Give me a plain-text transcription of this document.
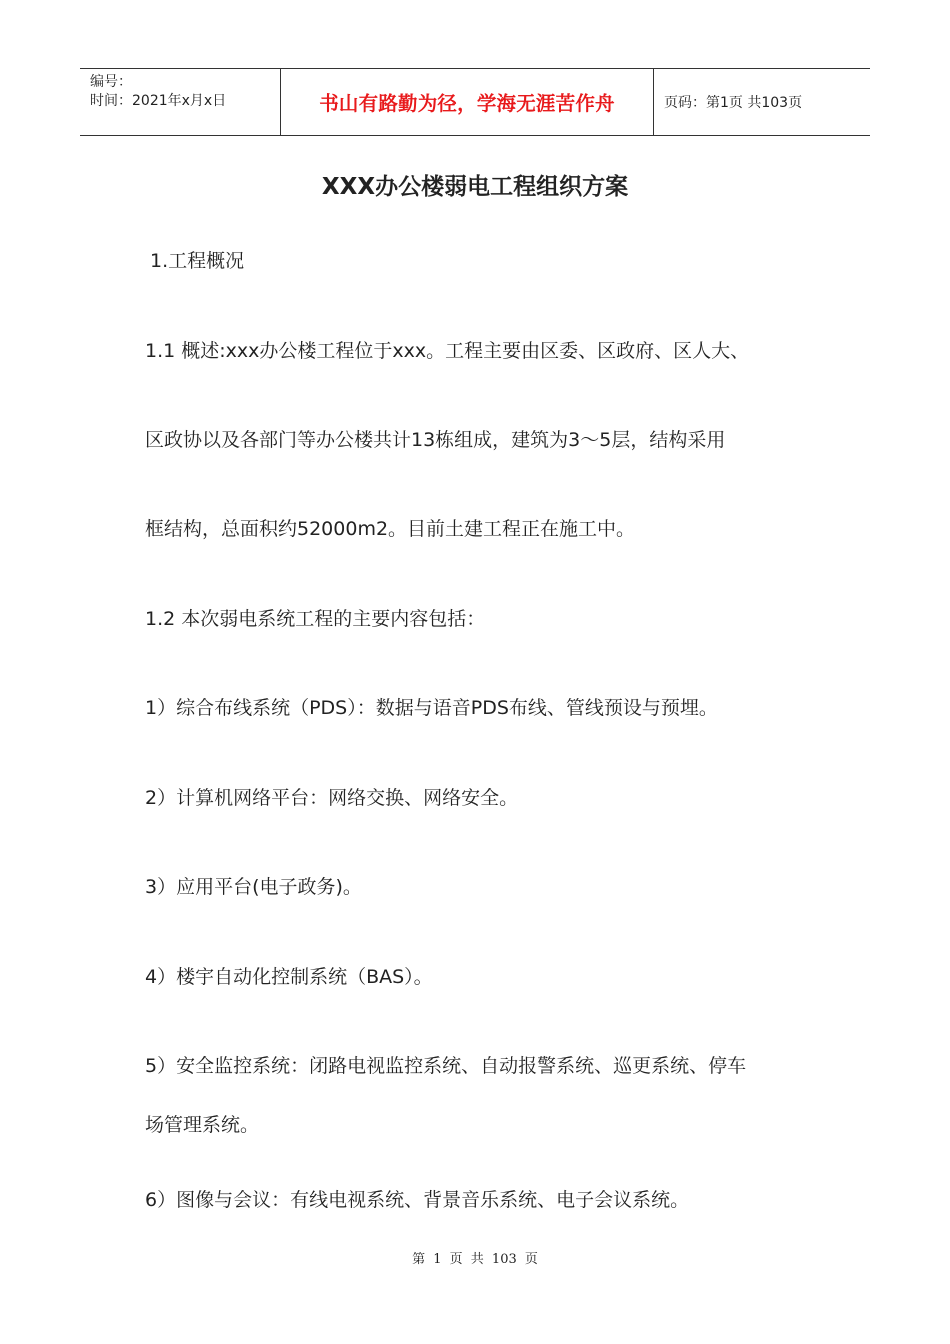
编号：
时间：2021年x月x日	书山有路勤为径，学海无涯苦作舟	页码：第1页 共103页
XXX办公楼弱电工程组织方案
1.工程概况
1.1 概述:xxx办公楼工程位于xxx。工程主要由区委、区政府、区人大、
区政协以及各部门等办公楼共计13栋组成，建筑为3～5层，结构采用
框结构，总面积约52000m2。目前土建工程正在施工中。
1.2 本次弱电系统工程的主要内容包括：
1）综合布线系统（PDS）：数据与语音PDS布线、管线预设与预埋。
2）计算机网络平台：网络交换、网络安全。
3）应用平台(电子政务)。
4）楼宇自动化控制系统（BAS）。
5）安全监控系统：闭路电视监控系统、自动报警系统、巡更系统、停车
场管理系统。
6）图像与会议：有线电视系统、背景音乐系统、电子会议系统。
第 1 页 共 103 页
